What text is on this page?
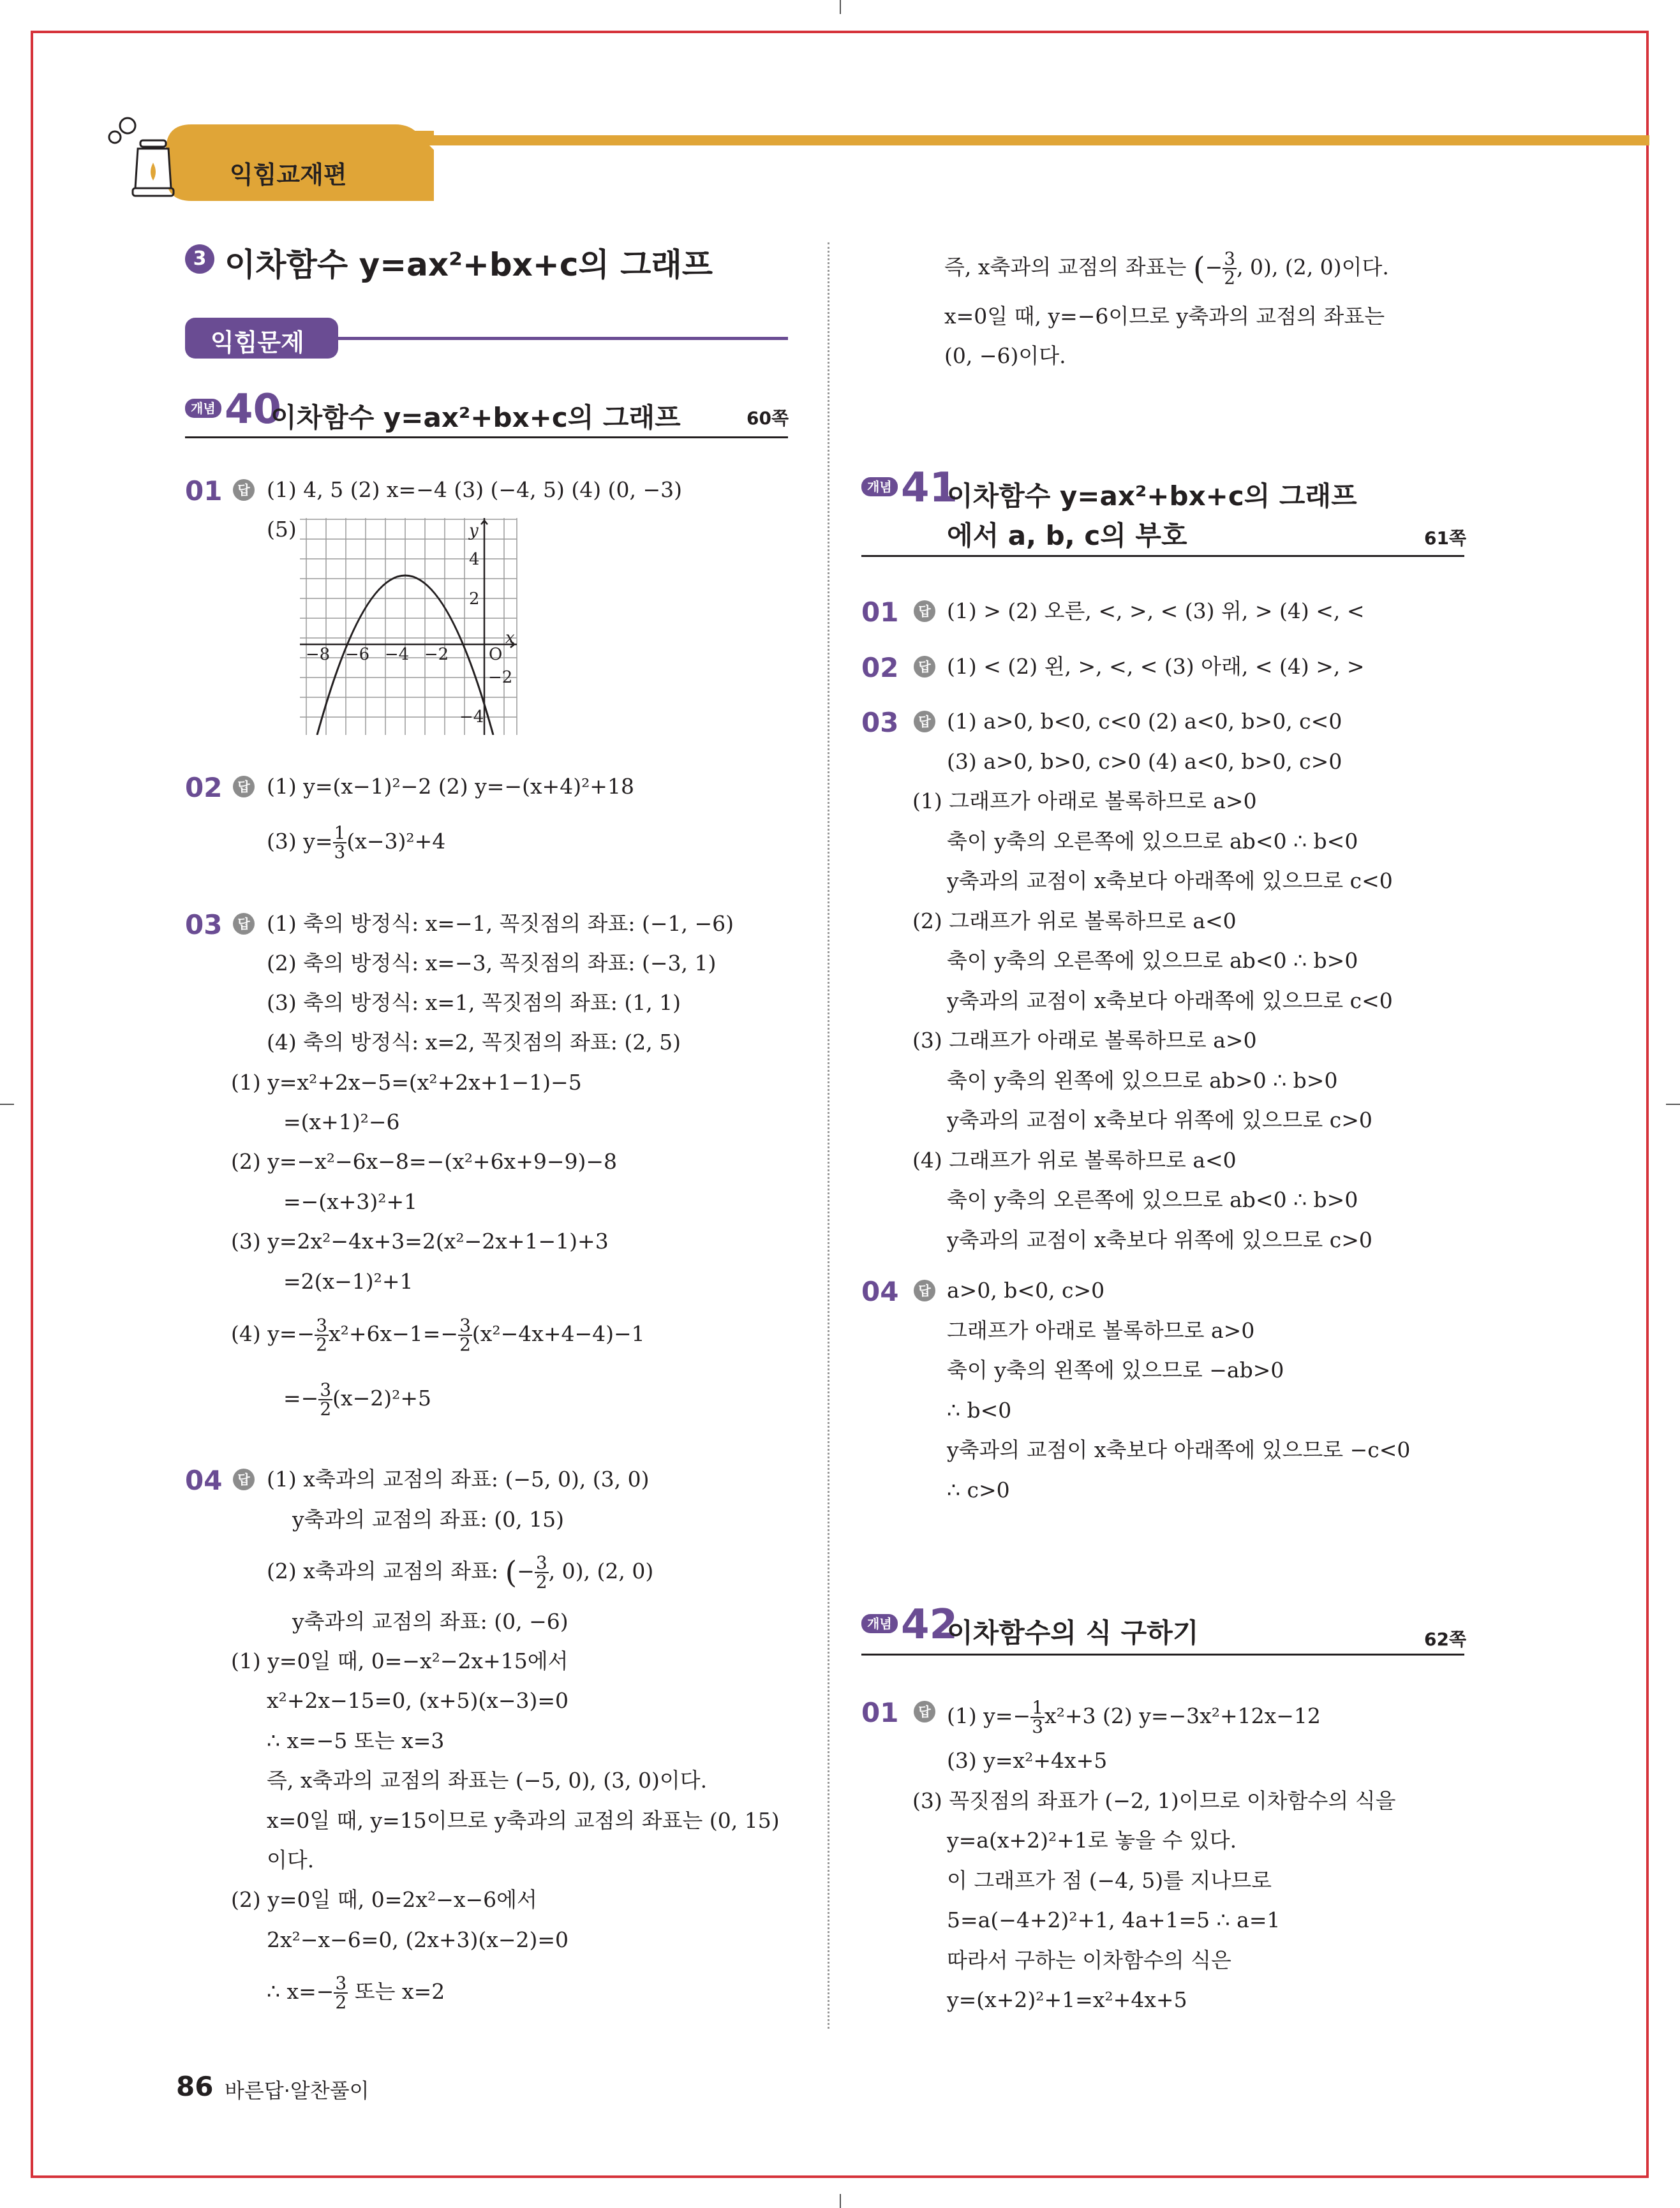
익힘교재편
3 이차함수 y=ax²+bx+c의 그래프
익힘문제
개념 40
이차함수 y=ax²+bx+c의 그래프	60쪽
01	답 (1) 4, 5 (2) x=−4 (3) (−4, 5) (4) (0, −3)
(5)
−8 −6 −4 −2 O
x
y
4
2
−2
−4
02	답 (1) y=(x−1)²−2 (2) y=−(x+4)²+18
(3) $y= \frac{1}{3} (x-3)^2+4$
03	답 (1) 축의 방정식: x=−1, 꼭짓점의 좌표: (−1, −6)
(2) 축의 방정식: x=−3, 꼭짓점의 좌표: (−3, 1)
(3) 축의 방정식: x=1, 꼭짓점의 좌표: (1, 1)
(4) 축의 방정식: x=2, 꼭짓점의 좌표: (2, 5)
(1) y=x²+2x−5=(x²+2x+1−1)−5
=(x+1)²−6
(2) y=−x²−6x−8=−(x²+6x+9−9)−8
=−(x+3)²+1
(3) y=2x²−4x+3=2(x²−2x+1−1)+3
=2(x−1)²+1
(4) $y=- \frac{3}{2} x^2+6x-1=- \frac{3}{2} (x^2-4x+4-4)-1$
=− $\frac{3}{2} (x-2)^2+5$
04	답 (1) x축과의 교점의 좌표: (−5, 0), (3, 0)
y축과의 교점의 좌표: (0, 15)
(2) x축과의 교점의 좌표: (− $\frac{3}{2}$ , 0), (2, 0)
y축과의 교점의 좌표: (0, −6)
(1) y=0일 때, 0=−x²−2x+15에서
x²+2x−15=0, (x+5)(x−3)=0
∴ x=−5 또는 x=3
즉, x축과의 교점의 좌표는 (−5, 0), (3, 0)이다.
x=0일 때, y=15이므로 y축과의 교점의 좌표는 (0, 15)
이다.
(2) y=0일 때, 0=2x²−x−6에서
2x²−x−6=0, (2x+3)(x−2)=0
∴ $x=- \frac{3}{2}$ 또는 x=2
즉, x축과의 교점의 좌표는 (− $\frac{3}{2}$ , 0), (2, 0)이다.
x=0일 때, y=−6이므로 y축과의 교점의 좌표는
(0, −6)이다.
개념 41
이차함수 y=ax²+bx+c의 그래프
에서 a, b, c의 부호	61쪽
01	답 (1) > (2) 오른, <, >, < (3) 위, > (4) <, <
02	답 (1) < (2) 왼, >, <, < (3) 아래, < (4) >, >
03	답 (1) a>0, b<0, c<0 (2) a<0, b>0, c<0
(3) a>0, b>0, c>0 (4) a<0, b>0, c>0
(1) 그래프가 아래로 볼록하므로 a>0
축이 y축의 오른쪽에 있으므로 ab<0 ∴ b<0
y축과의 교점이 x축보다 아래쪽에 있으므로 c<0
(2) 그래프가 위로 볼록하므로 a<0
축이 y축의 오른쪽에 있으므로 ab<0 ∴ b>0
y축과의 교점이 x축보다 아래쪽에 있으므로 c<0
(3) 그래프가 아래로 볼록하므로 a>0
축이 y축의 왼쪽에 있으므로 ab>0 ∴ b>0
y축과의 교점이 x축보다 위쪽에 있으므로 c>0
(4) 그래프가 위로 볼록하므로 a<0
축이 y축의 오른쪽에 있으므로 ab<0 ∴ b>0
y축과의 교점이 x축보다 위쪽에 있으므로 c>0
04	답 a>0, b<0, c>0
그래프가 아래로 볼록하므로 a>0
축이 y축의 왼쪽에 있으므로 −ab>0
∴ b<0
y축과의 교점이 x축보다 아래쪽에 있으므로 −c<0
∴ c>0
개념 42
이차함수의 식 구하기	62쪽
01	답 (1) $y=- \frac{1}{3} x^2+3$ (2) y=−3x²+12x−12
(3) y=x²+4x+5
(3) 꼭짓점의 좌표가 (−2, 1)이므로 이차함수의 식을
y=a(x+2)²+1로 놓을 수 있다.
이 그래프가 점 (−4, 5)를 지나므로
5=a(−4+2)²+1, 4a+1=5 ∴ a=1
따라서 구하는 이차함수의 식은
y=(x+2)²+1=x²+4x+5
86 바른답·알찬풀이
